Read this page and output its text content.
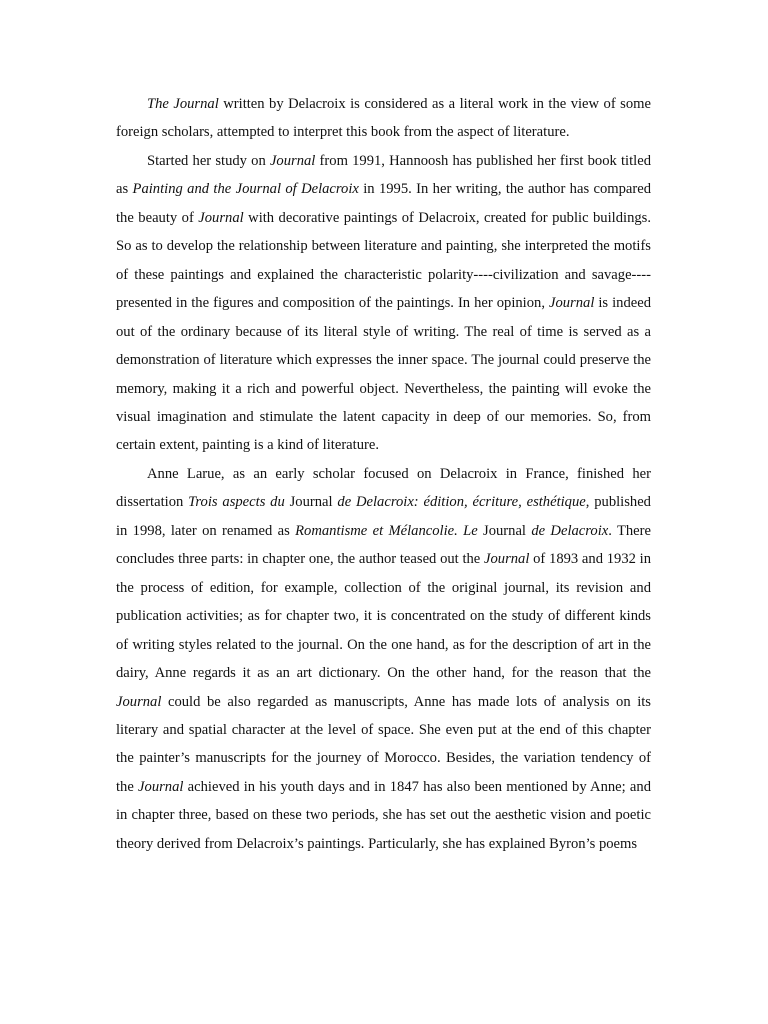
The Journal written by Delacroix is considered as a literal work in the view of some foreign scholars, attempted to interpret this book from the aspect of literature.

Started her study on Journal from 1991, Hannoosh has published her first book titled as Painting and the Journal of Delacroix in 1995. In her writing, the author has compared the beauty of Journal with decorative paintings of Delacroix, created for public buildings. So as to develop the relationship between literature and painting, she interpreted the motifs of these paintings and explained the characteristic polarity----civilization and savage----presented in the figures and composition of the paintings. In her opinion, Journal is indeed out of the ordinary because of its literal style of writing. The real of time is served as a demonstration of literature which expresses the inner space. The journal could preserve the memory, making it a rich and powerful object. Nevertheless, the painting will evoke the visual imagination and stimulate the latent capacity in deep of our memories. So, from certain extent, painting is a kind of literature.

Anne Larue, as an early scholar focused on Delacroix in France, finished her dissertation Trois aspects du Journal de Delacroix: édition, écriture, esthétique, published in 1998, later on renamed as Romantisme et Mélancolie. Le Journal de Delacroix. There concludes three parts: in chapter one, the author teased out the Journal of 1893 and 1932 in the process of edition, for example, collection of the original journal, its revision and publication activities; as for chapter two, it is concentrated on the study of different kinds of writing styles related to the journal. On the one hand, as for the description of art in the dairy, Anne regards it as an art dictionary. On the other hand, for the reason that the Journal could be also regarded as manuscripts, Anne has made lots of analysis on its literary and spatial character at the level of space. She even put at the end of this chapter the painter’s manuscripts for the journey of Morocco. Besides, the variation tendency of the Journal achieved in his youth days and in 1847 has also been mentioned by Anne; and in chapter three, based on these two periods, she has set out the aesthetic vision and poetic theory derived from Delacroix’s paintings. Particularly, she has explained Byron’s poems
